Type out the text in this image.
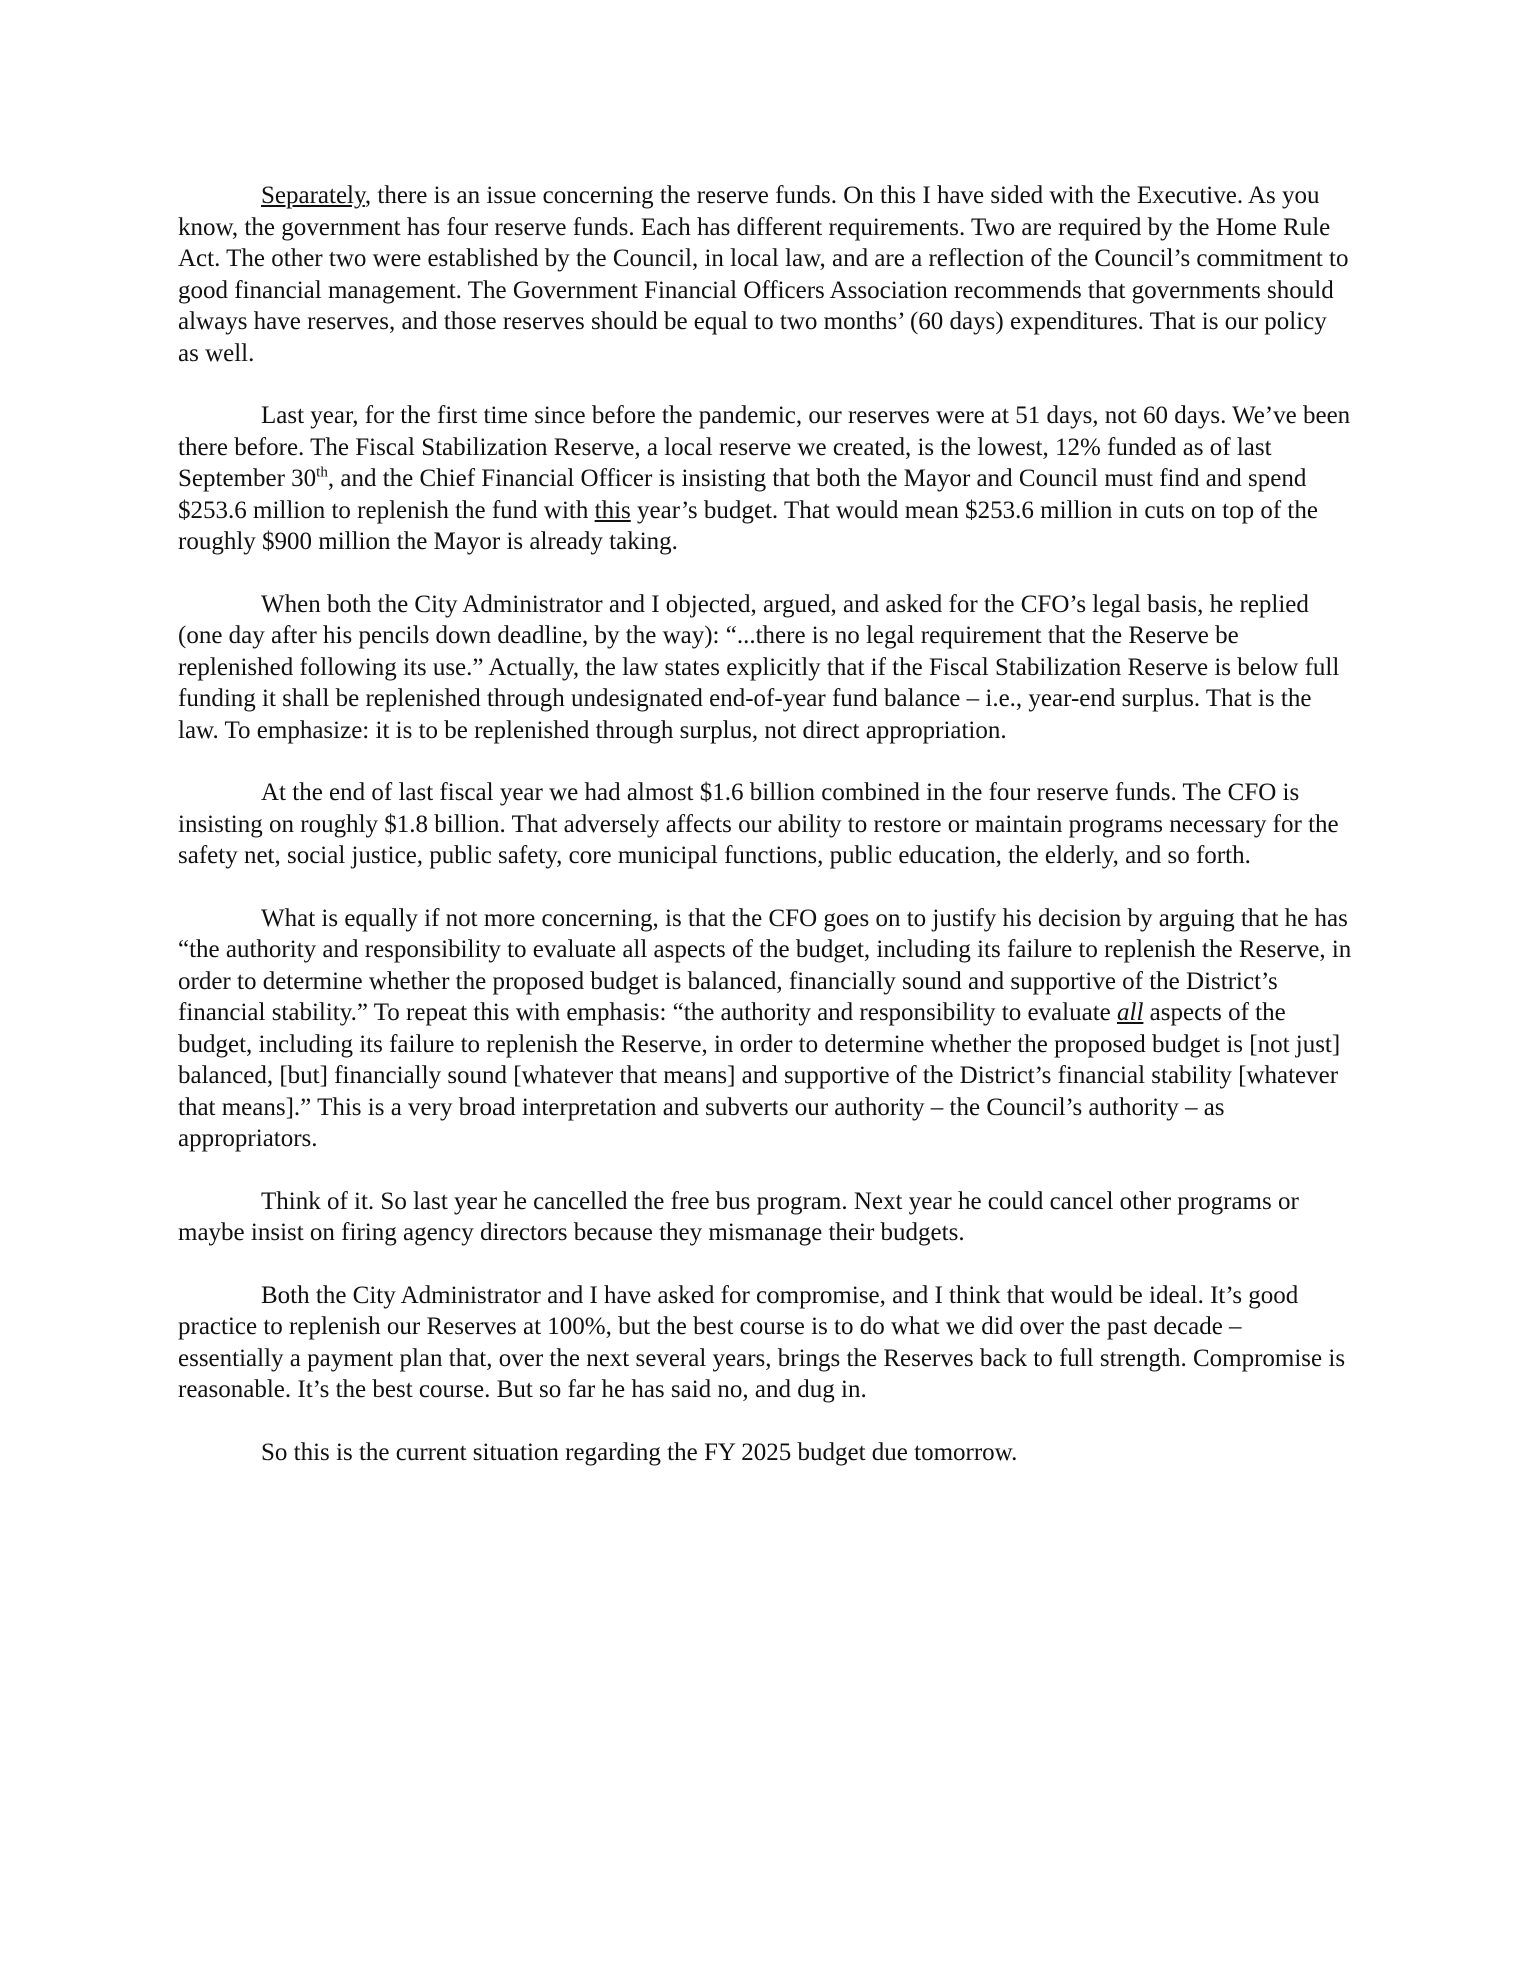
Separately, there is an issue concerning the reserve funds. On this I have sided with the Executive. As you know, the government has four reserve funds. Each has different requirements. Two are required by the Home Rule Act. The other two were established by the Council, in local law, and are a reflection of the Council’s commitment to good financial management. The Government Financial Officers Association recommends that governments should always have reserves, and those reserves should be equal to two months’ (60 days) expenditures. That is our policy as well.

Last year, for the first time since before the pandemic, our reserves were at 51 days, not 60 days. We’ve been there before. The Fiscal Stabilization Reserve, a local reserve we created, is the lowest, 12% funded as of last September 30th, and the Chief Financial Officer is insisting that both the Mayor and Council must find and spend $253.6 million to replenish the fund with this year’s budget. That would mean $253.6 million in cuts on top of the roughly $900 million the Mayor is already taking.

When both the City Administrator and I objected, argued, and asked for the CFO’s legal basis, he replied (one day after his pencils down deadline, by the way): “...there is no legal requirement that the Reserve be replenished following its use.” Actually, the law states explicitly that if the Fiscal Stabilization Reserve is below full funding it shall be replenished through undesignated end-of-year fund balance – i.e., year-end surplus. That is the law. To emphasize: it is to be replenished through surplus, not direct appropriation.

At the end of last fiscal year we had almost $1.6 billion combined in the four reserve funds. The CFO is insisting on roughly $1.8 billion. That adversely affects our ability to restore or maintain programs necessary for the safety net, social justice, public safety, core municipal functions, public education, the elderly, and so forth.

What is equally if not more concerning, is that the CFO goes on to justify his decision by arguing that he has “the authority and responsibility to evaluate all aspects of the budget, including its failure to replenish the Reserve, in order to determine whether the proposed budget is balanced, financially sound and supportive of the District’s financial stability.” To repeat this with emphasis: “the authority and responsibility to evaluate all aspects of the budget, including its failure to replenish the Reserve, in order to determine whether the proposed budget is [not just] balanced, [but] financially sound [whatever that means] and supportive of the District’s financial stability [whatever that means].” This is a very broad interpretation and subverts our authority – the Council’s authority – as appropriators.

Think of it. So last year he cancelled the free bus program. Next year he could cancel other programs or maybe insist on firing agency directors because they mismanage their budgets.

Both the City Administrator and I have asked for compromise, and I think that would be ideal. It’s good practice to replenish our Reserves at 100%, but the best course is to do what we did over the past decade – essentially a payment plan that, over the next several years, brings the Reserves back to full strength. Compromise is reasonable. It’s the best course. But so far he has said no, and dug in.

So this is the current situation regarding the FY 2025 budget due tomorrow.
